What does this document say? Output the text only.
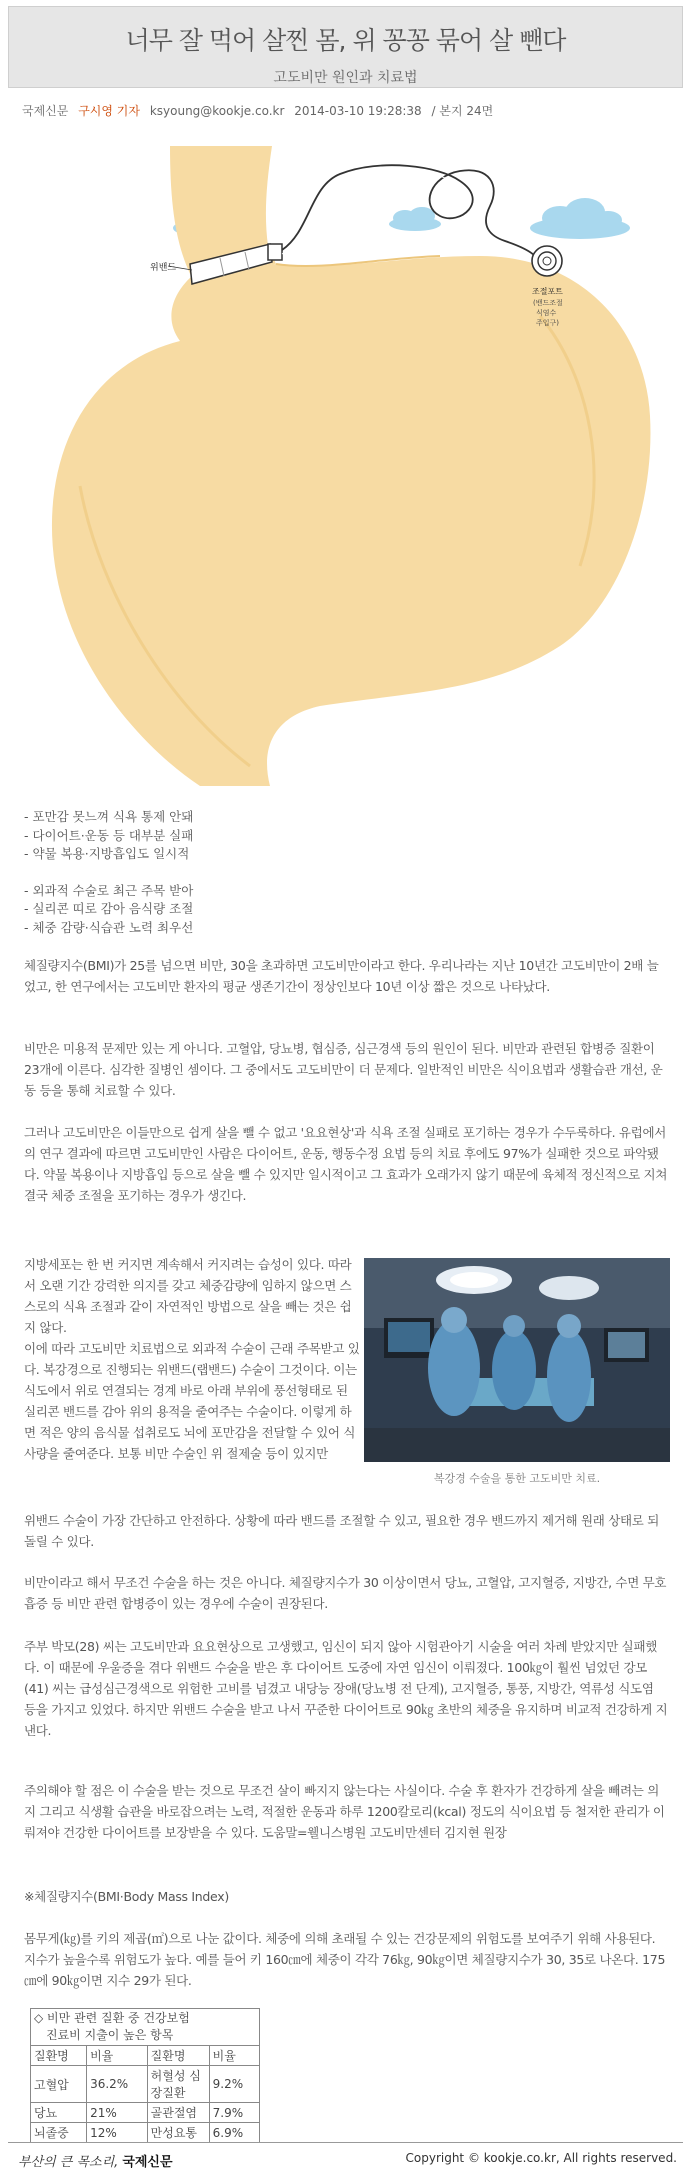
너무 잘 먹어 살찐 몸, 위 꽁꽁 묶어 살 뺀다
고도비만 원인과 치료법
국제신문 구시영 기자 ksyoung@kookje.co.kr 2014-03-10 19:28:38 / 본지 24면
위밴드
조절포트
(밴드조절
식염수
주입구)
- 포만감 못느껴 식욕 통제 안돼
- 다이어트·운동 등 대부분 실패
- 약물 복용·지방흡입도 일시적
- 외과적 수술로 최근 주목 받아
- 실리콘 띠로 감아 음식량 조절
- 체중 감량·식습관 노력 최우선

체질량지수(BMI)가 25를 넘으면 비만, 30을 초과하면 고도비만이라고 한다. 우리나라는 지난 10년간 고도비만이 2배 늘었고, 한 연구에서는 고도비만 환자의 평균 생존기간이 정상인보다 10년 이상 짧은 것으로 나타났다.

비만은 미용적 문제만 있는 게 아니다. 고혈압, 당뇨병, 협심증, 심근경색 등의 원인이 된다. 비만과 관련된 합병증 질환이 23개에 이른다. 심각한 질병인 셈이다. 그 중에서도 고도비만이 더 문제다. 일반적인 비만은 식이요법과 생활습관 개선, 운동 등을 통해 치료할 수 있다.

그러나 고도비만은 이들만으로 쉽게 살을 뺄 수 없고 '요요현상'과 식욕 조절 실패로 포기하는 경우가 수두룩하다. 유럽에서의 연구 결과에 따르면 고도비만인 사람은 다이어트, 운동, 행동수정 요법 등의 치료 후에도 97%가 실패한 것으로 파악됐다. 약물 복용이나 지방흡입 등으로 살을 뺄 수 있지만 일시적이고 그 효과가 오래가지 않기 때문에 육체적 정신적으로 지쳐 결국 체중 조절을 포기하는 경우가 생긴다.

지방세포는 한 번 커지면 계속해서 커지려는 습성이 있다. 따라서 오랜 기간 강력한 의지를 갖고 체중감량에 임하지 않으면 스스로의 식욕 조절과 같이 자연적인 방법으로 살을 빼는 것은 쉽지 않다.

이에 따라 고도비만 치료법으로 외과적 수술이 근래 주목받고 있다. 복강경으로 진행되는 위밴드(랩밴드) 수술이 그것이다. 이는 식도에서 위로 연결되는 경계 바로 아래 부위에 풍선형태로 된 실리콘 밴드를 감아 위의 용적을 줄여주는 수술이다. 이렇게 하면 적은 양의 음식물 섭취로도 뇌에 포만감을 전달할 수 있어 식사량을 줄여준다. 보통 비만 수술인 위 절제술 등이 있지만

위밴드 수술이 가장 간단하고 안전하다. 상황에 따라 밴드를 조절할 수 있고, 필요한 경우 밴드까지 제거해 원래 상태로 되돌릴 수 있다.

비만이라고 해서 무조건 수술을 하는 것은 아니다. 체질량지수가 30 이상이면서 당뇨, 고혈압, 고지혈증, 지방간, 수면 무호흡증 등 비만 관련 합병증이 있는 경우에 수술이 권장된다.

주부 박모(28) 씨는 고도비만과 요요현상으로 고생했고, 임신이 되지 않아 시험관아기 시술을 여러 차례 받았지만 실패했다. 이 때문에 우울증을 겪다 위밴드 수술을 받은 후 다이어트 도중에 자연 임신이 이뤄졌다. 100㎏이 훨씬 넘었던 강모(41) 씨는 급성심근경색으로 위험한 고비를 넘겼고 내당능 장애(당뇨병 전 단계), 고지혈증, 통풍, 지방간, 역류성 식도염 등을 가지고 있었다. 하지만 위밴드 수술을 받고 나서 꾸준한 다이어트로 90㎏ 초반의 체중을 유지하며 비교적 건강하게 지낸다.

주의해야 할 점은 이 수술을 받는 것으로 무조건 살이 빠지지 않는다는 사실이다. 수술 후 환자가 건강하게 살을 빼려는 의지 그리고 식생활 습관을 바로잡으려는 노력, 적절한 운동과 하루 1200칼로리(kcal) 정도의 식이요법 등 철저한 관리가 이뤄져야 건강한 다이어트를 보장받을 수 있다. 도움말=웰니스병원 고도비만센터 김지현 원장

※체질량지수(BMI·Body Mass Index)

몸무게(㎏)를 키의 제곱(㎡)으로 나눈 값이다. 체중에 의해 초래될 수 있는 건강문제의 위험도를 보여주기 위해 사용된다. 지수가 높을수록 위험도가 높다. 예를 들어 키 160㎝에 체중이 각각 76㎏, 90㎏이면 체질량지수가 30, 35로 나온다. 175㎝에 90㎏이면 지수 29가 된다.

복강경 수술을 통한 고도비만 치료.
◇ 비만 관련 질환 중 건강보험
진료비 지출이 높은 항목			

질환명	비율	질환명	비율
고혈압	36.2%	허혈성 심장질환	9.2%
당뇨	21%	골관절염	7.9%
뇌졸중	12%	만성요통	6.9%
부산의 큰 목소리, 국제신문	Copyright © kookje.co.kr, All rights reserved.
